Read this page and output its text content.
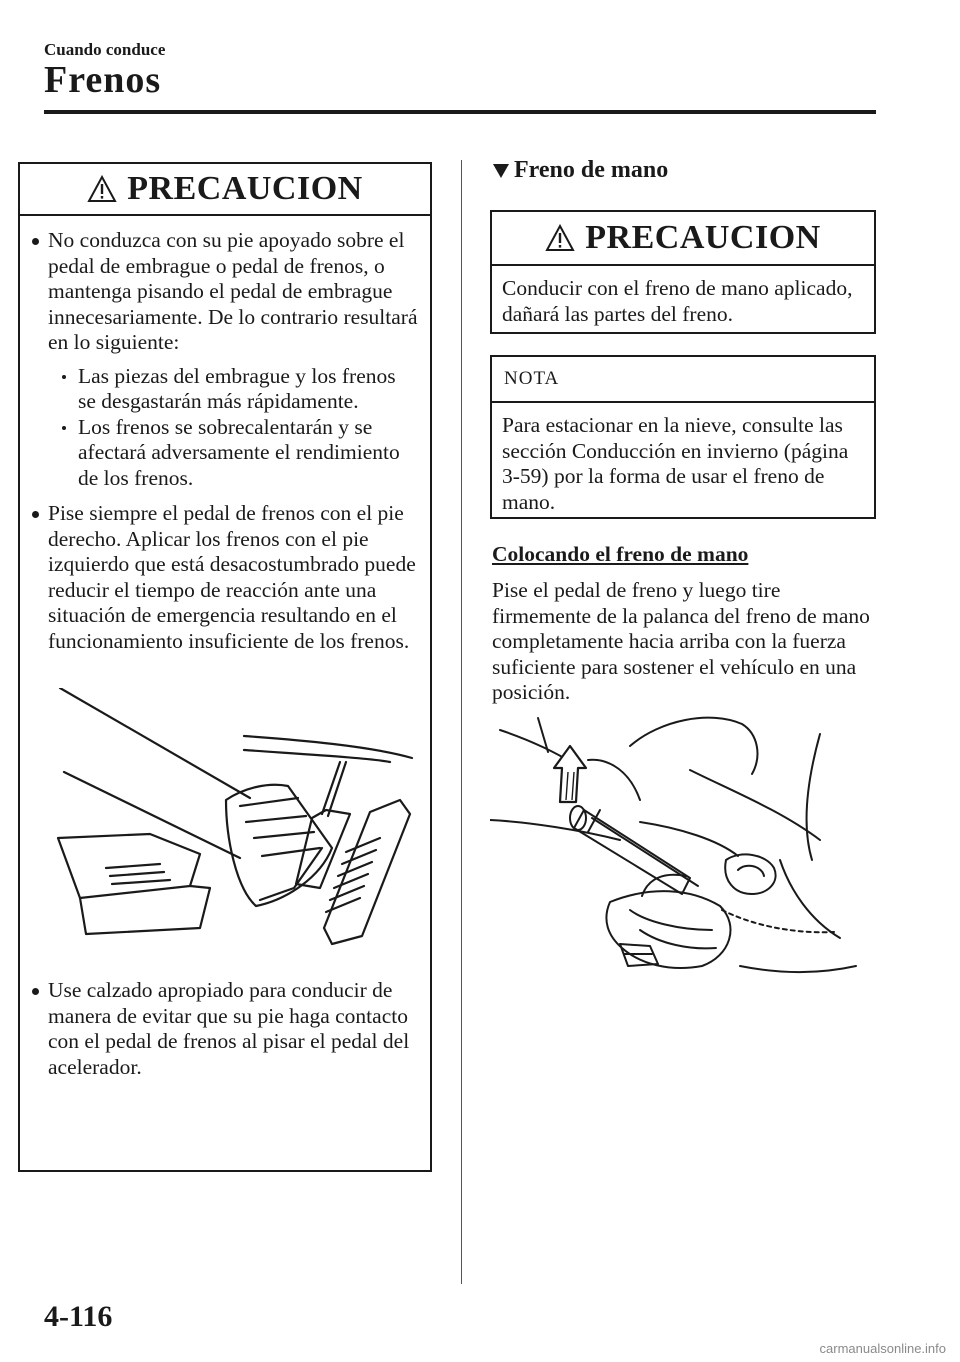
Cuando conduce
Frenos
PRECAUCION
No conduzca con su pie apoyado sobre el pedal de embrague o pedal de frenos, o mantenga pisando el pedal de embrague innecesariamente. De lo contrario resultará en lo siguiente:
Las piezas del embrague y los frenos se desgastarán más rápidamente.
Los frenos se sobrecalentarán y se afectará adversamente el rendimiento de los frenos.
Pise siempre el pedal de frenos con el pie derecho. Aplicar los frenos con el pie izquierdo que está desacostumbrado puede reducir el tiempo de reacción ante una situación de emergencia resultando en el funcionamiento insuficiente de los frenos.
Use calzado apropiado para conducir de manera de evitar que su pie haga contacto con el pedal de frenos al pisar el pedal del acelerador.
Freno de mano
PRECAUCION
Conducir con el freno de mano aplicado, dañará las partes del freno.
NOTA
Para estacionar en la nieve, consulte las sección Conducción en invierno (página 3-59) por la forma de usar el freno de mano.
Colocando el freno de mano
Pise el pedal de freno y luego tire firmemente de la palanca del freno de mano completamente hacia arriba con la fuerza suficiente para sostener el vehículo en una posición.
4-116
carmanualsonline.info
